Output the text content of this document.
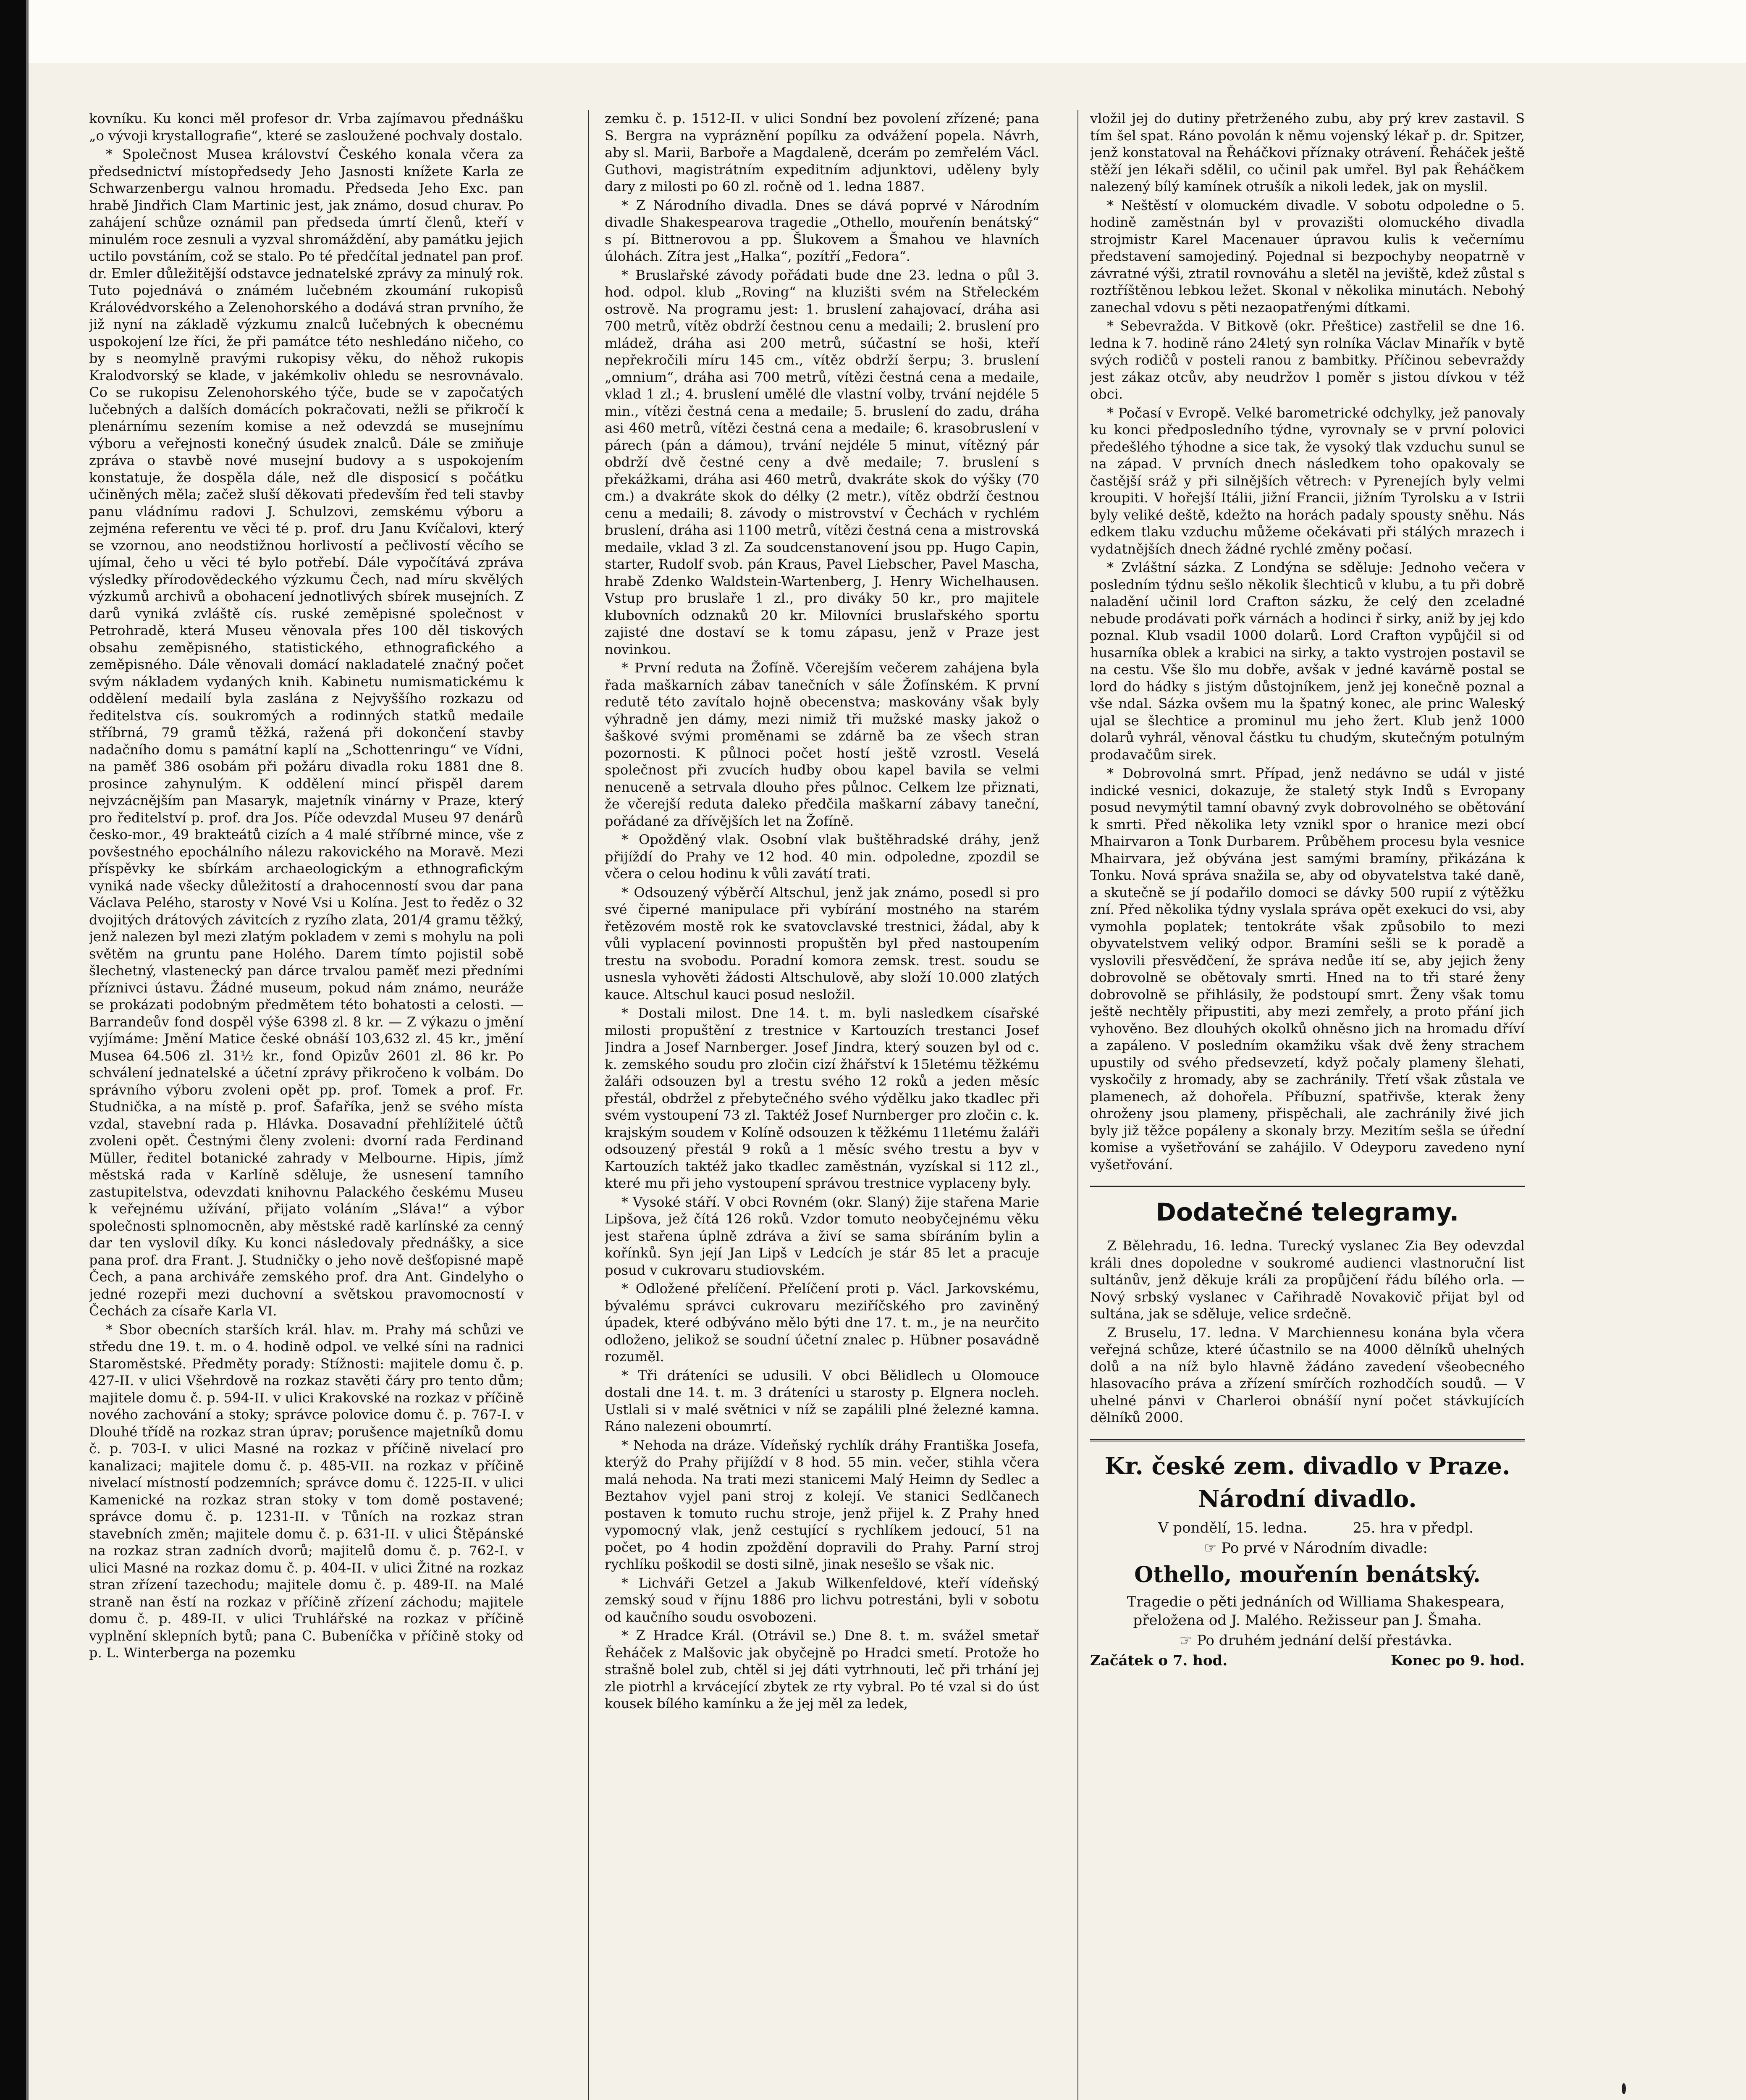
kovníku. Ku konci měl profesor dr. Vrba zajímavou přednášku „o vývoji krystallografie“, které se zasloužené pochvaly dostalo.

* Společnost Musea království Českého konala včera za předsednictví místopředsedy Jeho Jasnosti knížete Karla ze Schwarzenbergu valnou hromadu. Předseda Jeho Exc. pan hrabě Jindřich Clam Martinic jest, jak známo, dosud churav. Po zahájení schůze oznámil pan předseda úmrtí členů, kteří v minulém roce zesnuli a vyzval shromáždění, aby památku jejich uctilo povstáním, což se stalo. Po té předčítal jednatel pan prof. dr. Emler důležitější odstavce jednatelské zprávy za minulý rok. Tuto pojednává o známém lučebném zkoumání rukopisů Královédvorského a Zelenohorského a dodává stran prvního, že již nyní na základě výzkumu znalců lučebných k obecnému uspokojení lze říci, že při památce této neshledáno ničeho, co by s neomylně pravými rukopisy věku, do něhož rukopis Kralodvorský se klade, v jakémkoliv ohledu se nesrovnávalo. Co se rukopisu Zelenohorského týče, bude se v započatých lučebných a dalších domácích pokračovati, nežli se přikročí k plenárnímu sezením komise a než odevzdá se musejnímu výboru a veřejnosti konečný úsudek znalců. Dále se zmiňuje zpráva o stavbě nové musejní budovy a s uspokojením konstatuje, že dospěla dále, než dle disposicí s počátku učiněných měla; začež sluší děkovati především řed teli stavby panu vládnímu radovi J. Schulzovi, zemskému výboru a zejména referentu ve věci té p. prof. dru Janu Kvíčalovi, který se vzornou, ano neodstižnou horlivostí a pečlivostí věcího se ujímal, čeho u věci té bylo potřebí. Dále vypočítává zpráva výsledky přírodovědeckého výzkumu Čech, nad míru skvělých výzkumů archivů a obohacení jednotlivých sbírek musejních. Z darů vyniká zvláště cís. ruské zeměpisné společnost v Petrohradě, která Museu věnovala přes 100 děl tiskových obsahu zeměpisného, statistického, ethnografického a zeměpisného. Dále věnovali domácí nakladatelé značný počet svým nákladem vydaných knih. Kabinetu numismatickému k oddělení medailí byla zaslána z Nejvyššího rozkazu od ředitelstva cís. soukromých a rodinných statků medaile stříbrná, 79 gramů těžká, ražená při dokončení stavby nadačního domu s památní kaplí na „Schottenringu“ ve Vídni, na paměť 386 osobám při požáru divadla roku 1881 dne 8. prosince zahynulým. K oddělení mincí přispěl darem nejvzácnějším pan Masaryk, majetník vinárny v Praze, který pro ředitelství p. prof. dra Jos. Píče odevzdal Museu 97 denárů česko-mor., 49 brakteátů cizích a 4 malé stříbrné mince, vše z povšestného epochálního nálezu rakovického na Moravě. Mezi příspěvky ke sbírkám archaeologickým a ethnografickým vyniká nade všecky důležitostí a drahocenností svou dar pana Václava Pelého, starosty v Nové Vsi u Kolína. Jest to ředěz o 32 dvojitých drátových závitcích z ryzího zlata, 201/4 gramu těžký, jenž nalezen byl mezi zlatým pokladem v zemi s mohylu na poli světěm na gruntu pane Holého. Darem tímto pojistil sobě šlechetný, vlastenecký pan dárce trvalou paměť mezi předními příznivci ústavu. Žádné museum, pokud nám známo, neuráže se prokázati podobným předmětem této bohatosti a celosti. — Barrandeův fond dospěl výše 6398 zl. 8 kr. — Z výkazu o jmění vyjímáme: Jmění Matice české obnáší 103,632 zl. 45 kr., jmění Musea 64.506 zl. 31½ kr., fond Opizův 2601 zl. 86 kr. Po schválení jednatelské a účetní zprávy přikročeno k volbám. Do správního výboru zvoleni opět pp. prof. Tomek a prof. Fr. Studnička, a na místě p. prof. Šafaříka, jenž se svého místa vzdal, stavební rada p. Hlávka. Dosavadní přehlížitelé účtů zvoleni opět. Čestnými členy zvoleni: dvorní rada Ferdinand Müller, ředitel botanické zahrady v Melbourne. Hipis, jímž městská rada v Karlíně sděluje, že usnesení tamního zastupitelstva, odevzdati knihovnu Palackého českému Museu k veřejnému užívání, přijato voláním „Sláva!“ a výbor společnosti splnomocněn, aby městské radě karlínské za cenný dar ten vyslovil díky. Ku konci následovaly přednášky, a sice pana prof. dra Frant. J. Studničky o jeho nově dešťopisné mapě Čech, a pana archiváře zemského prof. dra Ant. Gindelyho o jedné rozepři mezi duchovní a světskou pravomocností v Čechách za císaře Karla VI.

* Sbor obecních starších král. hlav. m. Prahy má schůzi ve středu dne 19. t. m. o 4. hodině odpol. ve velké síni na radnici Staroměstské. Předměty porady: Stížnosti: majitele domu č. p. 427-II. v ulici Všehrdově na rozkaz stavěti čáry pro tento dům; majitele domu č. p. 594-II. v ulici Krakovské na rozkaz v příčině nového zachování a stoky; správce polovice domu č. p. 767-I. v Dlouhé třídě na rozkaz stran úprav; porušence majetníků domu č. p. 703-I. v ulici Masné na rozkaz v příčině nivelací pro kanalizaci; majitele domu č. p. 485-VII. na rozkaz v příčině nivelací místností podzemních; správce domu č. 1225-II. v ulici Kamenické na rozkaz stran stoky v tom domě postavené; správce domu č. p. 1231-II. v Tůních na rozkaz stran stavebních změn; majitele domu č. p. 631-II. v ulici Štěpánské na rozkaz stran zadních dvorů; majitelů domu č. p. 762-I. v ulici Masné na rozkaz domu č. p. 404-II. v ulici Žitné na rozkaz stran zřízení tazechodu; majitele domu č. p. 489-II. na Malé straně nan ěstí na rozkaz v příčině zřízení záchodu; majitele domu č. p. 489-II. v ulici Truhlářské na rozkaz v příčině vyplnění sklepních bytů; pana C. Bubeníčka v příčině stoky od p. L. Winterberga na pozemku

zemku č. p. 1512-II. v ulici Sondní bez povolení zřízené; pana S. Bergra na vypráznění popílku za odvážení popela. Návrh, aby sl. Marii, Barboře a Magdaleně, dcerám po zemřelém Václ. Guthovi, magistrátním expeditním adjunktovi, uděleny byly dary z milosti po 60 zl. ročně od 1. ledna 1887.

* Z Národního divadla. Dnes se dává poprvé v Národním divadle Shakespearova tragedie „Othello, mouřenín benátský“ s pí. Bittnerovou a pp. Šlukovem a Šmahou ve hlavních úlohách. Zítra jest „Halka“, pozítří „Fedora“.

* Bruslařské závody pořádati bude dne 23. ledna o půl 3. hod. odpol. klub „Roving“ na kluzišti svém na Střeleckém ostrově. Na programu jest: 1. bruslení zahajovací, dráha asi 700 metrů, vítěz obdrží čestnou cenu a medaili; 2. bruslení pro mládež, dráha asi 200 metrů, súčastní se hoši, kteří nepřekročili míru 145 cm., vítěz obdrží šerpu; 3. bruslení „omnium“, dráha asi 700 metrů, vítězi čestná cena a medaile, vklad 1 zl.; 4. bruslení umělé dle vlastní volby, trvání nejdéle 5 min., vítězi čestná cena a medaile; 5. bruslení do zadu, dráha asi 460 metrů, vítězi čestná cena a medaile; 6. krasobruslení v párech (pán a dámou), trvání nejdéle 5 minut, vítězný pár obdrží dvě čestné ceny a dvě medaile; 7. bruslení s překážkami, dráha asi 460 metrů, dvakráte skok do výšky (70 cm.) a dvakráte skok do délky (2 metr.), vítěz obdrží čestnou cenu a medaili; 8. závody o mistrovství v Čechách v rychlém bruslení, dráha asi 1100 metrů, vítězi čestná cena a mistrovská medaile, vklad 3 zl. Za soudcenstanovení jsou pp. Hugo Capin, starter, Rudolf svob. pán Kraus, Pavel Liebscher, Pavel Mascha, hrabě Zdenko Waldstein-Wartenberg, J. Henry Wichelhausen. Vstup pro bruslaře 1 zl., pro diváky 50 kr., pro majitele klubovních odznaků 20 kr. Milovníci bruslařského sportu zajisté dne dostaví se k tomu zápasu, jenž v Praze jest novinkou.

* První reduta na Žofíně. Včerejším večerem zahájena byla řada maškarních zábav tanečních v sále Žofínském. K první redutě této zavítalo hojně obecenstva; maskovány však byly výhradně jen dámy, mezi nimiž tři mužské masky jakož o šaškové svými proměnami se zdárně ba ze všech stran pozornosti. K půlnoci počet hostí ještě vzrostl. Veselá společnost při zvucích hudby obou kapel bavila se velmi nenuceně a setrvala dlouho přes půlnoc. Celkem lze přiznati, že včerejší reduta daleko předčila maškarní zábavy taneční, pořádané za dřívějších let na Žofíně.

* Opožděný vlak. Osobní vlak buštěhradské dráhy, jenž přijíždí do Prahy ve 12 hod. 40 min. odpoledne, zpozdil se včera o celou hodinu k vůli zavátí trati.

* Odsouzený výběrčí Altschul, jenž jak známo, posedl si pro své čiperné manipulace při vybírání mostného na starém řetězovém mostě rok ke svatovclavské trestnici, žádal, aby k vůli vyplacení povinnosti propuštěn byl před nastoupením trestu na svobodu. Poradní komora zemsk. trest. soudu se usnesla vyhověti žádosti Altschulově, aby složí 10.000 zlatých kauce. Altschul kauci posud nesložil.

* Dostali milost. Dne 14. t. m. byli nasledkem císařské milosti propuštění z trestnice v Kartouzích trestanci Josef Jindra a Josef Narnberger. Josef Jindra, který souzen byl od c. k. zemského soudu pro zločin cizí žhářství k 15letému těžkému žaláři odsouzen byl a trestu svého 12 roků a jeden měsíc přestál, obdržel z přebytečného svého výdělku jako tkadlec při svém vystoupení 73 zl. Taktéž Josef Nurnberger pro zločin c. k. krajským soudem v Kolíně odsouzen k těžkému 11letému žaláři odsouzený přestál 9 roků a 1 měsíc svého trestu a byv v Kartouzích taktéž jako tkadlec zaměstnán, vyzískal si 112 zl., které mu při jeho vystoupení správou trestnice vyplaceny byly.

* Vysoké stáří. V obci Rovném (okr. Slaný) žije stařena Marie Lipšova, jež čítá 126 roků. Vzdor tomuto neobyčejnému věku jest stařena úplně zdráva a živí se sama sbíráním bylin a kořínků. Syn její Jan Lipš v Ledcích je stár 85 let a pracuje posud v cukrovaru studiovském.

* Odložené přelíčení. Přelíčení proti p. Václ. Jarkovskému, bývalému správci cukrovaru meziříčského pro zaviněný úpadek, které odbýváno mělo býti dne 17. t. m., je na neurčito odloženo, jelikož se soudní účetní znalec p. Hübner posavádně rozuměl.

* Tři dráteníci se udusili. V obci Bělidlech u Olomouce dostali dne 14. t. m. 3 dráteníci u starosty p. Elgnera nocleh. Ustlali si v malé světnici v níž se zapálili plné železné kamna. Ráno nalezeni oboumrtí.

* Nehoda na dráze. Vídeňský rychlík dráhy Františka Josefa, kterýž do Prahy přijíždí v 8 hod. 55 min. večer, stihla včera malá nehoda. Na trati mezi stanicemi Malý Heimn dy Sedlec a Beztahov vyjel pani stroj z kolejí. Ve stanici Sedlčanech postaven k tomuto ruchu stroje, jenž přijel k. Z Prahy hned vypomocný vlak, jenž cestující s rychlíkem jedoucí, 51 na počet, po 4 hodin zpoždění dopravili do Prahy. Parní stroj rychlíku poškodil se dosti silně, jinak nesešlo se však nic.

* Lichváři Getzel a Jakub Wilkenfeldové, kteří vídeňský zemský soud v říjnu 1886 pro lichvu potrestáni, byli v sobotu od kaučního soudu osvobozeni.

* Z Hradce Král. (Otrávil se.) Dne 8. t. m. svážel smetař Řeháček z Malšovic jak obyčejně po Hradci smetí. Protože ho strašně bolel zub, chtěl si jej dáti vytrhnouti, leč při trhání jej zle piotrhl a krvácející zbytek ze rty vybral. Po té vzal si do úst kousek bílého kamínku a že jej měl za ledek,

vložil jej do dutiny přetrženého zubu, aby prý krev zastavil. S tím šel spat. Ráno povolán k němu vojenský lékař p. dr. Spitzer, jenž konstatoval na Řeháčkovi příznaky otrávení. Řeháček ještě stěží jen lékaři sdělil, co učinil pak umřel. Byl pak Řeháčkem nalezený bílý kamínek otrušík a nikoli ledek, jak on myslil.

* Neštěstí v olomuckém divadle. V sobotu odpoledne o 5. hodině zaměstnán byl v provazišti olomuckého divadla strojmistr Karel Macenauer úpravou kulis k večernímu představení samojediný. Pojednal si bezpochyby neopatrně v závratné výši, ztratil rovnováhu a sletěl na jeviště, kdež zůstal s roztříštěnou lebkou ležet. Skonal v několika minutách. Nebohý zanechal vdovu s pěti nezaopatřenými dítkami.

* Sebevražda. V Bitkově (okr. Přeštice) zastřelil se dne 16. ledna k 7. hodině ráno 24letý syn rolníka Václav Minařík v bytě svých rodičů v posteli ranou z bambitky. Příčinou sebevraždy jest zákaz otcův, aby neudržov l poměr s jistou dívkou v též obci.

* Počasí v Evropě. Velké barometrické odchylky, jež panovaly ku konci předposledního týdne, vyrovnaly se v první polovici předešlého týhodne a sice tak, že vysoký tlak vzduchu sunul se na západ. V prvních dnech následkem toho opakovaly se častější sráž y při silnějších větrech: v Pyrenejích byly velmi kroupiti. V hořejší Itálii, jižní Francii, jižním Tyrolsku a v Istrii byly veliké deště, kdežto na horách padaly spousty sněhu. Nás edkem tlaku vzduchu můžeme očekávati při stálých mrazech i vydatnějších dnech žádné rychlé změny počasí.

* Zvláštní sázka. Z Londýna se sděluje: Jednoho večera v posledním týdnu sešlo několik šlechticů v klubu, a tu při dobrě naladění učinil lord Crafton sázku, že celý den zceladné nebude prodávati pořk várnách a hodinci ř sirky, aniž by jej kdo poznal. Klub vsadil 1000 dolarů. Lord Crafton vypůjčil si od husarníka oblek a krabici na sirky, a takto vystrojen postavil se na cestu. Vše šlo mu dobře, avšak v jedné kavárně postal se lord do hádky s jistým důstojníkem, jenž jej konečně poznal a vše ndal. Sázka ovšem mu la špatný konec, ale princ Waleský ujal se šlechtice a prominul mu jeho žert. Klub jenž 1000 dolarů vyhrál, věnoval částku tu chudým, skutečným potulným prodavačům sirek.

* Dobrovolná smrt. Případ, jenž nedávno se udál v jisté indické vesnici, dokazuje, že staletý styk Indů s Evropany posud nevymýtil tamní obavný zvyk dobrovolného se obětování k smrti. Před několika lety vznikl spor o hranice mezi obcí Mhairvaron a Tonk Durbarem. Průběhem procesu byla vesnice Mhairvara, jež obývána jest samými bramíny, přikázána k Tonku. Nová správa snažila se, aby od obyvatelstva také daně, a skutečně se jí podařilo domoci se dávky 500 rupií z výtěžku zní. Před několika týdny vyslala správa opět exekuci do vsi, aby vymohla poplatek; tentokráte však způsobilo to mezi obyvatelstvem veliký odpor. Bramíni sešli se k poradě a vyslovili přesvědčení, že správa nedůe ití se, aby jejich ženy dobrovolně se obětovaly smrti. Hned na to tři staré ženy dobrovolně se přihlásily, že podstoupí smrt. Ženy však tomu ještě nechtěly připustiti, aby mezi zemřely, a proto přání jich vyhověno. Bez dlouhých okolků ohněsno jich na hromadu dříví a zapáleno. V posledním okamžiku však dvě ženy strachem upustily od svého předsevzetí, když počaly plameny šlehati, vyskočily z hromady, aby se zachránily. Třetí však zůstala ve plamenech, až dohořela. Příbuzní, spatřivše, kterak ženy ohroženy jsou plameny, přispěchali, ale zachránily živé jich byly již těžce popáleny a skonaly brzy. Mezitím sešla se úřední komise a vyšetřování se zahájilo. V Odeyporu zavedeno nyní vyšetřování.

Dodatečné telegramy.

Z Bělehradu, 16. ledna. Turecký vyslanec Zia Bey odevzdal králi dnes dopoledne v soukromé audienci vlastnoruční list sultánův, jenž děkuje králi za propůjčení řádu bílého orla. — Nový srbský vyslanec v Cařihradě Novakovič přijat byl od sultána, jak se sděluje, velice srdečně.

Z Bruselu, 17. ledna. V Marchiennesu konána byla včera veřejná schůze, které účastnilo se na 4000 dělníků uhelných dolů a na níž bylo hlavně žádáno zavedení všeobecného hlasovacího práva a zřízení smírčích rozhodčích soudů. — V uhelné pánvi v Charleroi obnášíí nyní počet stávkujících dělníků 2000.

Kr. české zem. divadlo v Praze.
Národní divadlo.

V pondělí, 15. ledna.          25. hra v předpl.

☞ Po prvé v Národním divadle:

Othello, mouřenín benátský.

Tragedie o pěti jednáních od Williama Shakespeara, přeložena od J. Malého. Režisseur pan J. Šmaha.

☞ Po druhém jednání delší přestávka.

Začátek o 7. hod.	Konec po 9. hod.
